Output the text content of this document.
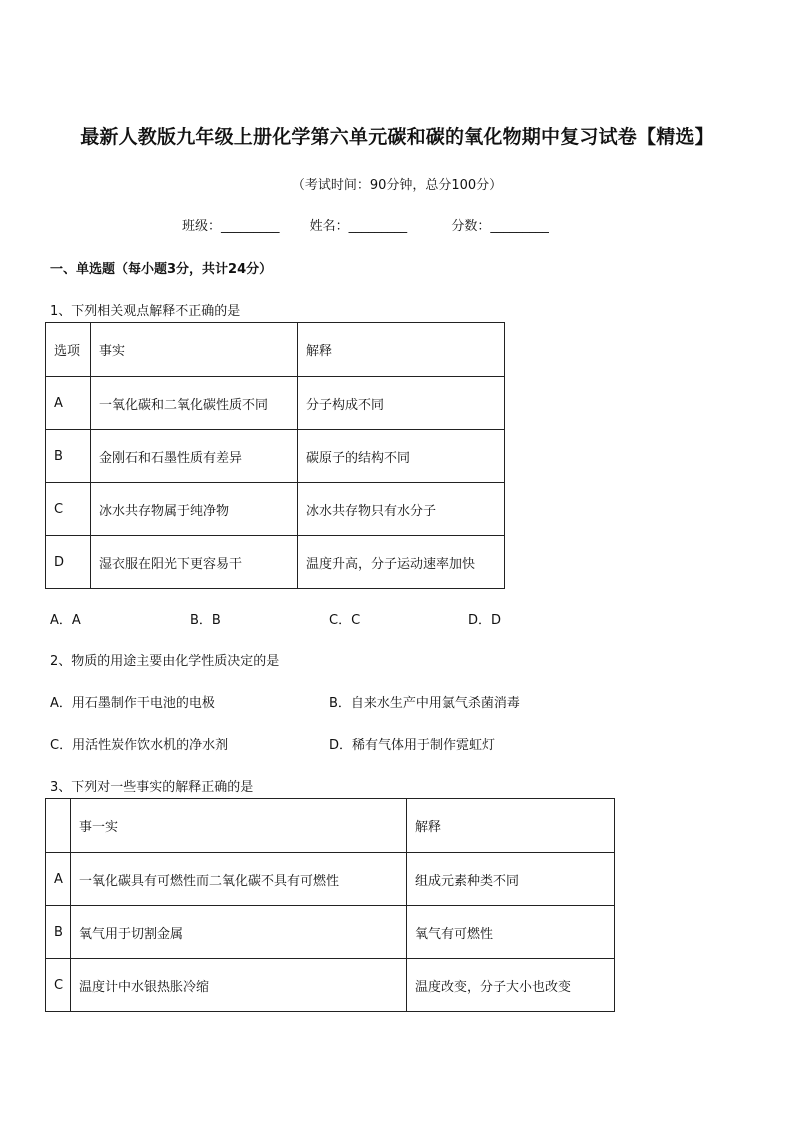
最新人教版九年级上册化学第六单元碳和碳的氧化物期中复习试卷【精选】
（考试时间：90分钟，总分100分）
班级：_________ 姓名：_________	分数：_________
一、单选题（每小题3分，共计24分）
1、下列相关观点解释不正确的是
选项	事实	解释
A	一氧化碳和二氧化碳性质不同	分子构成不同
B	金刚石和石墨性质有差异	碳原子的结构不同
C	冰水共存物属于纯净物	冰水共存物只有水分子
D	湿衣服在阳光下更容易干	温度升高，分子运动速率加快
A．A	B．B	C．C	D．D
2、物质的用途主要由化学性质决定的是
A．用石墨制作干电池的电极	B．自来水生产中用氯气杀菌消毒
C．用活性炭作饮水机的净水剂	D．稀有气体用于制作霓虹灯
3、下列对一些事实的解释正确的是
	事一实	解释
A	一氧化碳具有可燃性而二氧化碳不具有可燃性	组成元素种类不同
B	氧气用于切割金属	氧气有可燃性
C	温度计中水银热胀冷缩	温度改变，分子大小也改变
